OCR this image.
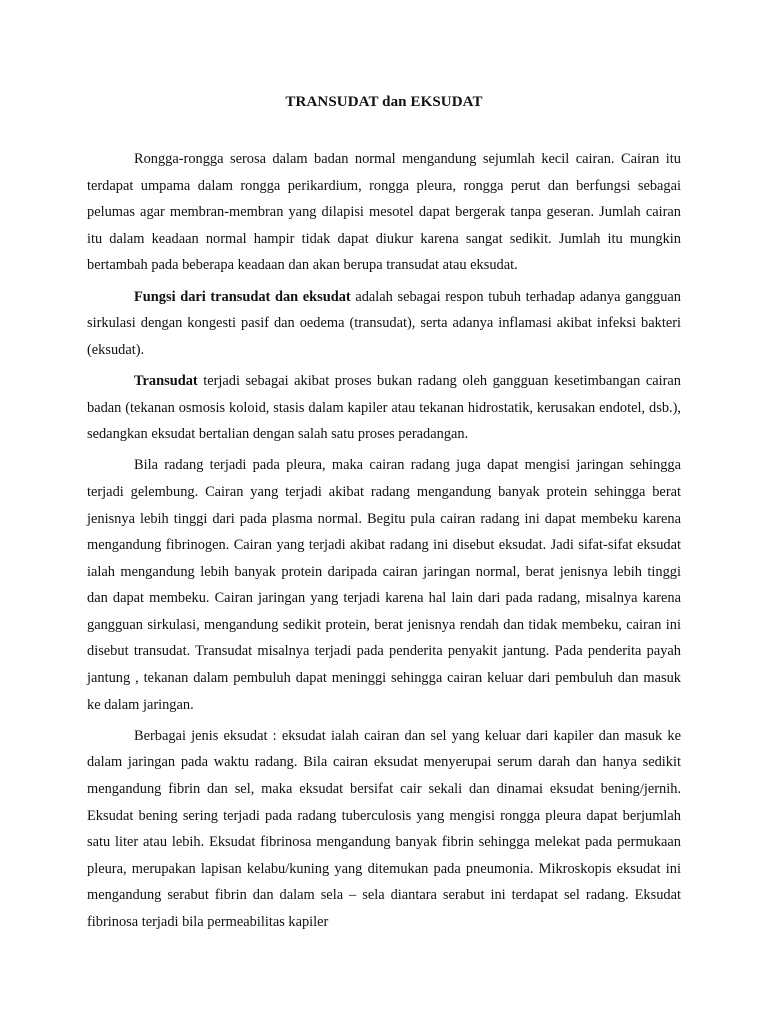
TRANSUDAT dan EKSUDAT

Rongga-rongga serosa dalam badan normal mengandung sejumlah kecil cairan. Cairan itu terdapat umpama dalam rongga perikardium, rongga pleura, rongga perut dan berfungsi sebagai pelumas agar membran-membran yang dilapisi mesotel dapat bergerak tanpa geseran. Jumlah cairan itu dalam keadaan normal hampir tidak dapat diukur karena sangat sedikit. Jumlah itu mungkin bertambah pada beberapa keadaan dan akan berupa transudat atau eksudat.

Fungsi dari transudat dan eksudat adalah sebagai respon tubuh terhadap adanya gangguan sirkulasi dengan kongesti pasif dan oedema (transudat), serta adanya inflamasi akibat infeksi bakteri (eksudat).

Transudat terjadi sebagai akibat proses bukan radang oleh gangguan kesetimbangan cairan badan (tekanan osmosis koloid, stasis dalam kapiler atau tekanan hidrostatik, kerusakan endotel, dsb.), sedangkan eksudat bertalian dengan salah satu proses peradangan.

Bila radang terjadi pada pleura, maka cairan radang juga dapat mengisi jaringan sehingga terjadi gelembung. Cairan yang terjadi akibat radang mengandung banyak protein sehingga berat jenisnya lebih tinggi dari pada plasma normal. Begitu pula cairan radang ini dapat membeku karena mengandung fibrinogen. Cairan yang terjadi akibat radang ini disebut eksudat. Jadi sifat-sifat eksudat ialah mengandung lebih banyak protein daripada cairan jaringan normal, berat jenisnya lebih tinggi dan dapat membeku. Cairan jaringan yang terjadi karena hal lain dari pada radang, misalnya karena gangguan sirkulasi, mengandung sedikit protein, berat jenisnya rendah dan tidak membeku, cairan ini disebut transudat. Transudat misalnya terjadi pada penderita penyakit jantung. Pada penderita payah jantung , tekanan dalam pembuluh dapat meninggi sehingga cairan keluar dari pembuluh dan masuk ke dalam jaringan.

Berbagai jenis eksudat : eksudat ialah cairan dan sel yang keluar dari kapiler dan masuk ke dalam jaringan pada waktu radang. Bila cairan eksudat menyerupai serum darah dan hanya sedikit mengandung fibrin dan sel, maka eksudat bersifat cair sekali dan dinamai eksudat bening/jernih. Eksudat bening sering terjadi pada radang tuberculosis yang mengisi rongga pleura dapat berjumlah satu liter atau lebih. Eksudat fibrinosa mengandung banyak fibrin sehingga melekat pada permukaan pleura, merupakan lapisan kelabu/kuning yang ditemukan pada pneumonia. Mikroskopis eksudat ini mengandung serabut fibrin dan dalam sela – sela diantara serabut ini terdapat sel radang. Eksudat fibrinosa terjadi bila permeabilitas kapiler
